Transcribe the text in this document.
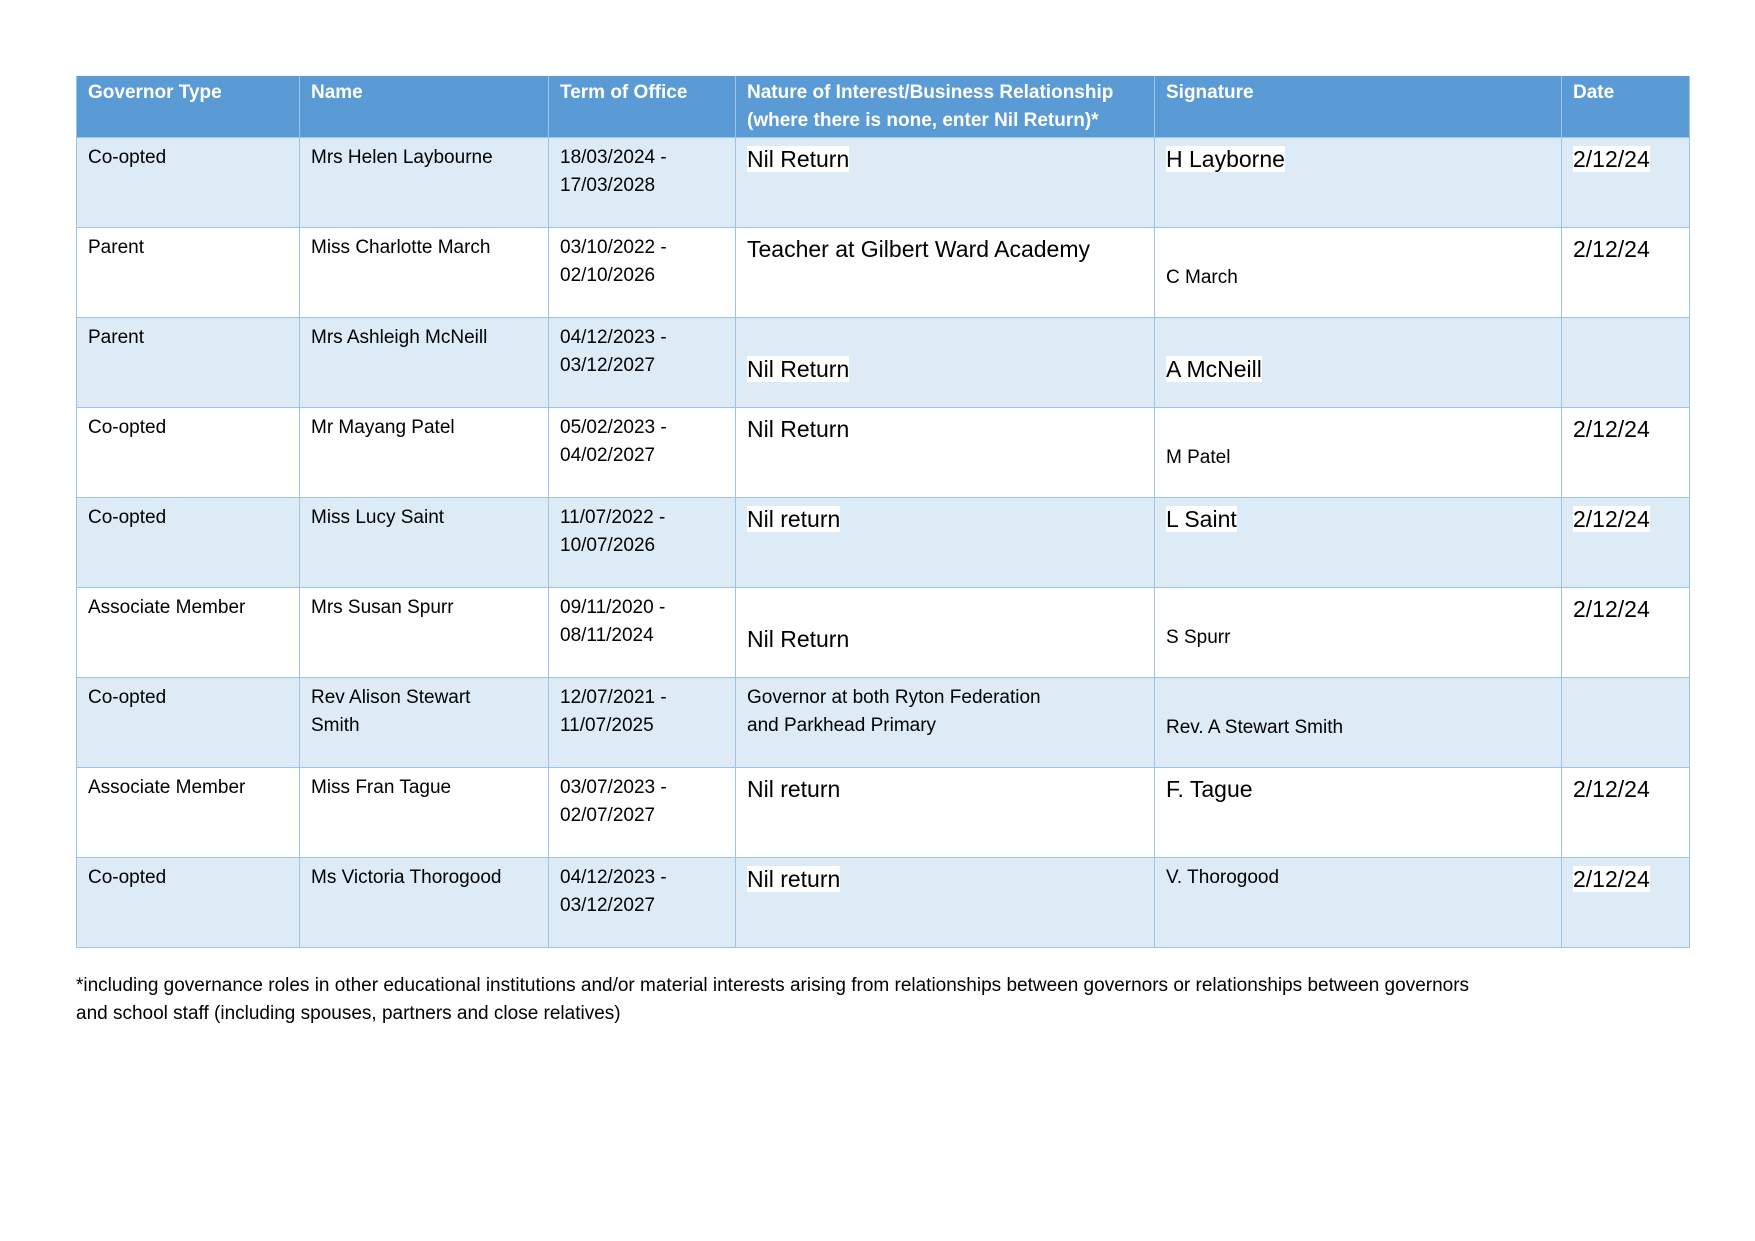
Governor Type	Name	Term of Office	Nature of Interest/Business Relationship
(where there is none, enter Nil Return)*	Signature	Date
Co-opted	Mrs Helen Laybourne	18/03/2024 -
17/03/2028	Nil Return	H Layborne	2/12/24
Parent	Miss Charlotte March	03/10/2022 -
02/10/2026	Teacher at Gilbert Ward Academy	C March	2/12/24
Parent	Mrs Ashleigh McNeill	04/12/2023 -
03/12/2027	Nil Return	A McNeill	

Co-opted	Mr Mayang Patel	05/02/2023 -
04/02/2027	Nil Return	M Patel	2/12/24
Co-opted	Miss Lucy Saint	11/07/2022 -
10/07/2026	Nil return	L Saint	2/12/24
Associate Member	Mrs Susan Spurr	09/11/2020 -
08/11/2024	Nil Return	S Spurr	2/12/24
Co-opted	Rev Alison Stewart
Smith	12/07/2021 -
11/07/2025	Governor at both Ryton Federation
and Parkhead Primary	Rev. A Stewart Smith	

Associate Member	Miss Fran Tague	03/07/2023 -
02/07/2027	Nil return	F. Tague	2/12/24
Co-opted	Ms Victoria Thorogood	04/12/2023 -
03/12/2027	Nil return	V. Thorogood	2/12/24
*including governance roles in other educational institutions and/or material interests arising from relationships between governors or relationships between governors
and school staff (including spouses, partners and close relatives)
